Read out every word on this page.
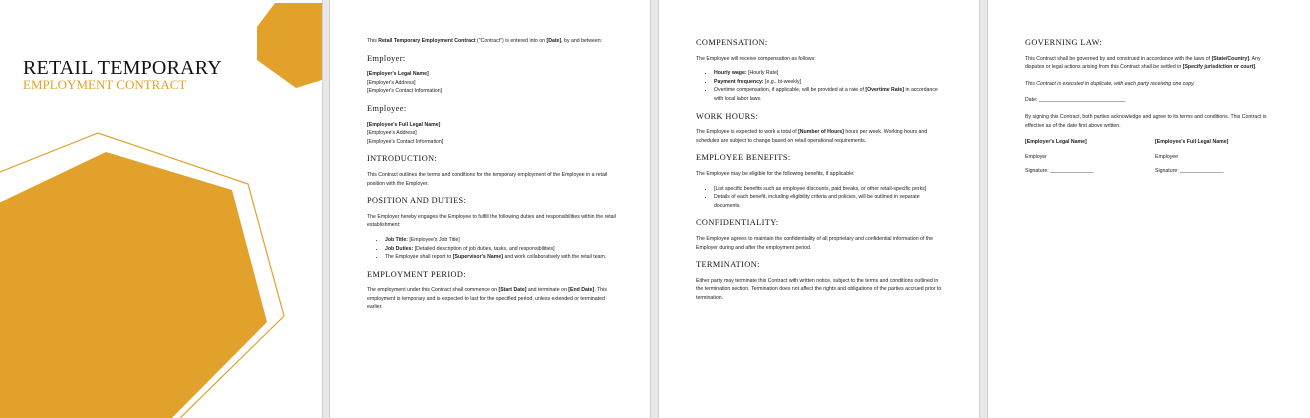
RETAIL TEMPORARY
EMPLOYMENT CONTRACT

This Retail Temporary Employment Contract ("Contract") is entered into on [Date], by and between:

Employer:
[Employer's Legal Name]
[Employer's Address]
[Employer's Contact Information]
Employee:
[Employee's Full Legal Name]
[Employee's Address]
[Employee's Contact Information]
INTRODUCTION:

This Contract outlines the terms and conditions for the temporary employment of the Employee in a retail position with the Employer.

POSITION AND DUTIES:

The Employer hereby engages the Employee to fulfill the following duties and responsibilities within the retail establishment:

• Job Title: [Employee's Job Title]
• Job Duties: [Detailed description of job duties, tasks, and responsibilities]
• The Employee shall report to [Supervisor's Name] and work collaboratively with the retail team.
EMPLOYMENT PERIOD:

The employment under this Contract shall commence on [Start Date] and terminate on [End Date]. This employment is temporary and is expected to last for the specified period, unless extended or terminated earlier.

COMPENSATION:

The Employee will receive compensation as follows:

• Hourly wage: [Hourly Rate]
• Payment frequency: [e.g., bi-weekly]
• Overtime compensation, if applicable, will be provided at a rate of [Overtime Rate] in accordance with local labor laws.
WORK HOURS:

The Employee is expected to work a total of [Number of Hours] hours per week. Working hours and schedules are subject to change based on retail operational requirements.

EMPLOYEE BENEFITS:

The Employee may be eligible for the following benefits, if applicable:

• [List specific benefits such as employee discounts, paid breaks, or other retail-specific perks]
• Details of each benefit, including eligibility criteria and policies, will be outlined in separate documents.
CONFIDENTIALITY:

The Employee agrees to maintain the confidentiality of all proprietary and confidential information of the Employer during and after the employment period.

TERMINATION:

Either party may terminate this Contract with written notice, subject to the terms and conditions outlined in the termination section. Termination does not affect the rights and obligations of the parties accrued prior to termination.

GOVERNING LAW:

This Contract shall be governed by and construed in accordance with the laws of [State/Country]. Any disputes or legal actions arising from this Contract shall be settled in [Specify jurisdiction or court].

This Contract is executed in duplicate, with each party receiving one copy.

Date: ______________________________

By signing this Contract, both parties acknowledge and agree to its terms and conditions. This Contract is effective as of the date first above written.

[Employer's Legal Name]

Employer

Signature: _______________

[Employee's Full Legal Name]

Employee

Signature: _______________
